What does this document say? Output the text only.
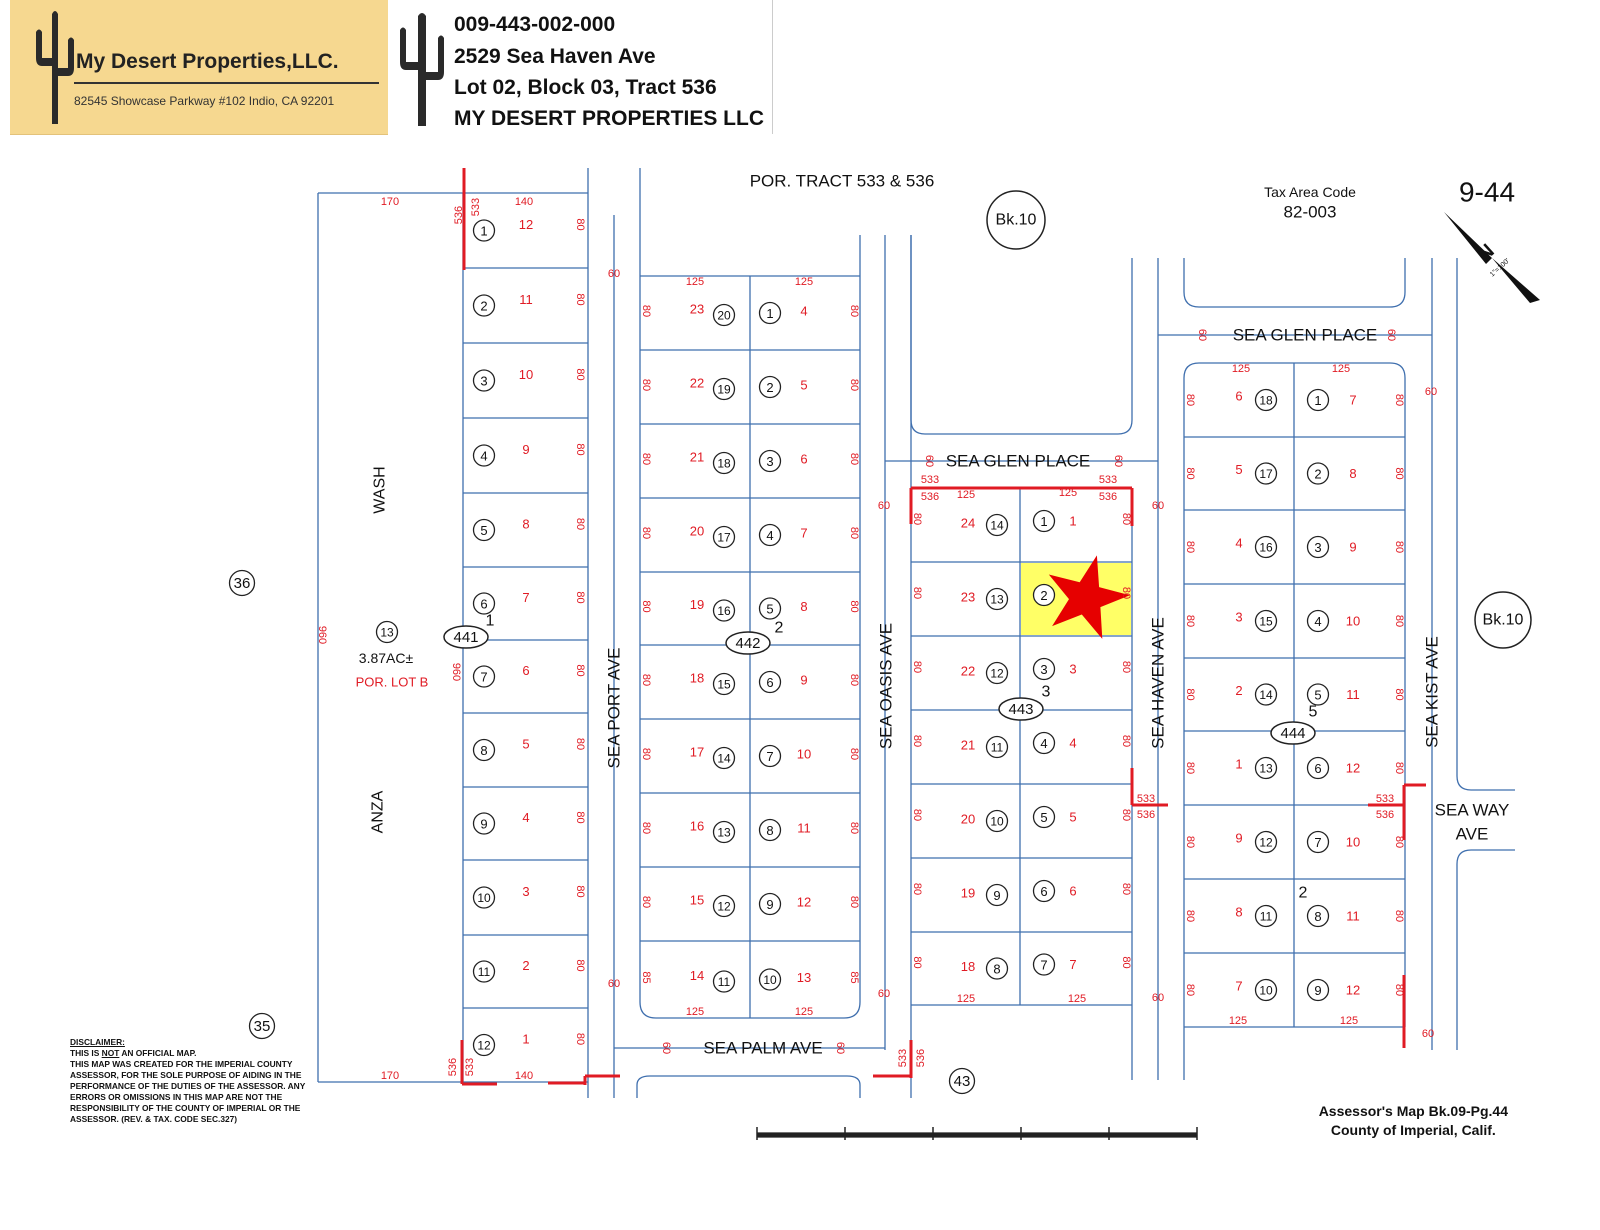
My Desert Properties,LLC.
82545 Showcase Parkway #102 Indio, CA 92201
009-443-002-000
2529 Sea Haven Ave
Lot 02, Block 03, Tract 536
MY DESERT PROPERTIES LLC
1 12	80
2 11	80
3 10	80
4	9	80
5	8	80
6	7	80
7	6	80
8	5	80
9	4	80
10 3	80
11 2	80
12 1	80
170	140
170	140
960
960
60
60
WASH
ANZA
13
3.87AC±
POR. LOT B
441
1
536 533
536 533
23 20	1 4
80	80
22 19	2 5
80	80
21 18	3 6
80	80
20 17	4 7
80	80
19 16	5 8
80	80
18 15	6 9
80	80
17 14	7 10
80	80
16 13	8 11
80	80
15 12	9 12
80	80
14 11	10 13
85	85
125	125
125	125
442
2
24 14	1 1
80	80
23 13	2
80	80
22 12	3 3
80	80
21 11	4 4
80	80
20 10	5 5
80	80
19 9	6 6
80	80
18 8	7 7
80	80
125	125
125	125
60
60
60
60
443
3
533
536
533
536
533
536
533 536
6 18	1 7
80	80
5 17	2 8
80	80
4 16	3 9
80	80
3 15	4 10
80	80
2 14	5 11
80	80
1 13	6 12
80	80
9 12	7 10
80	80
8 11	8 11
80	80
7 10	9 12
80	80
125	125
125	125
60
60
444
5
2
533
536
SEA GLEN PLACE
60	60
SEA GLEN PLACE
60	60
SEA PORT AVE	SEA OASIS AVE	SEA HAVEN AVE	SEA KIST AVE
SEA PALM AVE
60	60
SEA WAY
AVE
POR. TRACT 533 & 536
Bk.10
Bk.10
Tax Area Code
82-003
9-44
N
1"=100'
36
35
43
DISCLAIMER:
THIS IS NOT AN OFFICIAL MAP.
THIS MAP WAS CREATED FOR THE IMPERIAL COUNTY ASSESSOR, FOR THE SOLE PURPOSE OF AIDING IN THE PERFORMANCE OF THE DUTIES OF THE ASSESSOR. ANY ERRORS OR OMISSIONS IN THIS MAP ARE NOT THE RESPONSIBILITY OF THE COUNTY OF IMPERIAL OR THE ASSESSOR. (REV. & TAX. CODE SEC.327)	Assessor's Map Bk.09-Pg.44
County of Imperial, Calif.
